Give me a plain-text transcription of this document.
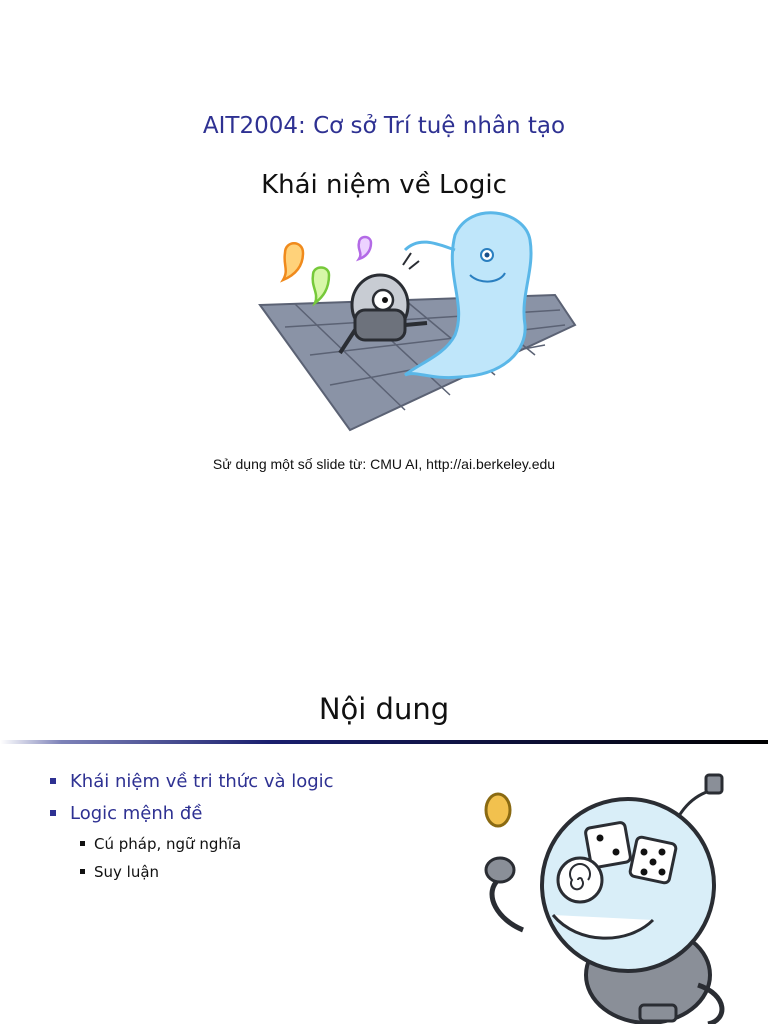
AIT2004: Cơ sở Trí tuệ nhân tạo
Khái niệm về Logic
Sử dụng một số slide từ: CMU AI, http://ai.berkeley.edu
Nội dung
Khái niệm về tri thức và logic
Logic mệnh đề
Cú pháp, ngữ nghĩa
Suy luận
